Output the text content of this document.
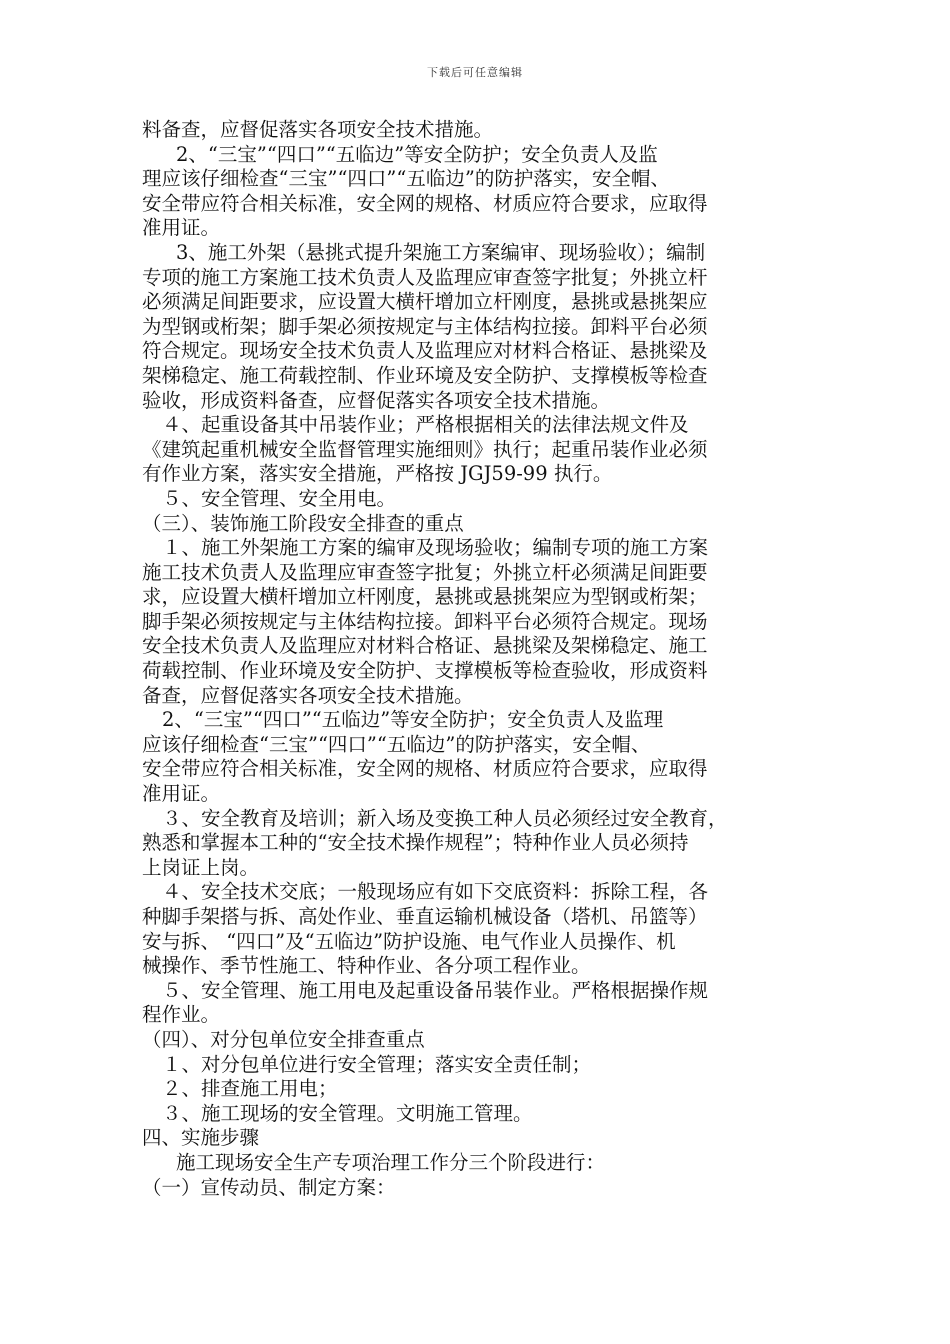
下载后可任意编辑
料备查，应督促落实各项安全技术措施。
2、“三宝”“四口”“五临边”等安全防护；安全负责人及监
理应该仔细检查“三宝”“四口”“五临边”的防护落实，安全帽、
安全带应符合相关标准，安全网的规格、材质应符合要求，应取得
准用证。
3、施工外架（悬挑式提升架施工方案编审、现场验收）；编制
专项的施工方案施工技术负责人及监理应审查签字批复；外挑立杆
必须满足间距要求，应设置大横杆增加立杆刚度，悬挑或悬挑架应
为型钢或桁架；脚手架必须按规定与主体结构拉接。卸料平台必须
符合规定。现场安全技术负责人及监理应对材料合格证、悬挑梁及
架梯稳定、施工荷载控制、作业环境及安全防护、支撑模板等检查
验收，形成资料备查，应督促落实各项安全技术措施。
４、起重设备其中吊装作业；严格根据相关的法律法规文件及
《建筑起重机械安全监督管理实施细则》执行；起重吊装作业必须
有作业方案，落实安全措施，严格按 JGJ59-99 执行。
５、安全管理、安全用电。
（三）、装饰施工阶段安全排查的重点
１、施工外架施工方案的编审及现场验收；编制专项的施工方案
施工技术负责人及监理应审查签字批复；外挑立杆必须满足间距要
求，应设置大横杆增加立杆刚度，悬挑或悬挑架应为型钢或桁架；
脚手架必须按规定与主体结构拉接。卸料平台必须符合规定。现场
安全技术负责人及监理应对材料合格证、悬挑梁及架梯稳定、施工
荷载控制、作业环境及安全防护、支撑模板等检查验收，形成资料
备查，应督促落实各项安全技术措施。
2、“三宝”“四口”“五临边”等安全防护；安全负责人及监理
应该仔细检查“三宝”“四口”“五临边”的防护落实，安全帽、
安全带应符合相关标准，安全网的规格、材质应符合要求，应取得
准用证。
３、安全教育及培训；新入场及变换工种人员必须经过安全教育，
熟悉和掌握本工种的“安全技术操作规程”；特种作业人员必须持
上岗证上岗。
４、安全技术交底；一般现场应有如下交底资料：拆除工程，各
种脚手架搭与拆、高处作业、垂直运输机械设备（塔机、吊篮等）
安与拆、 “四口”及“五临边”防护设施、电气作业人员操作、机
械操作、季节性施工、特种作业、各分项工程作业。
５、安全管理、施工用电及起重设备吊装作业。严格根据操作规
程作业。
（四）、对分包单位安全排查重点
１、对分包单位进行安全管理；落实安全责任制；
２、排查施工用电；
３、施工现场的安全管理。文明施工管理。
四、实施步骤
施工现场安全生产专项治理工作分三个阶段进行：
（一）宣传动员、制定方案：
